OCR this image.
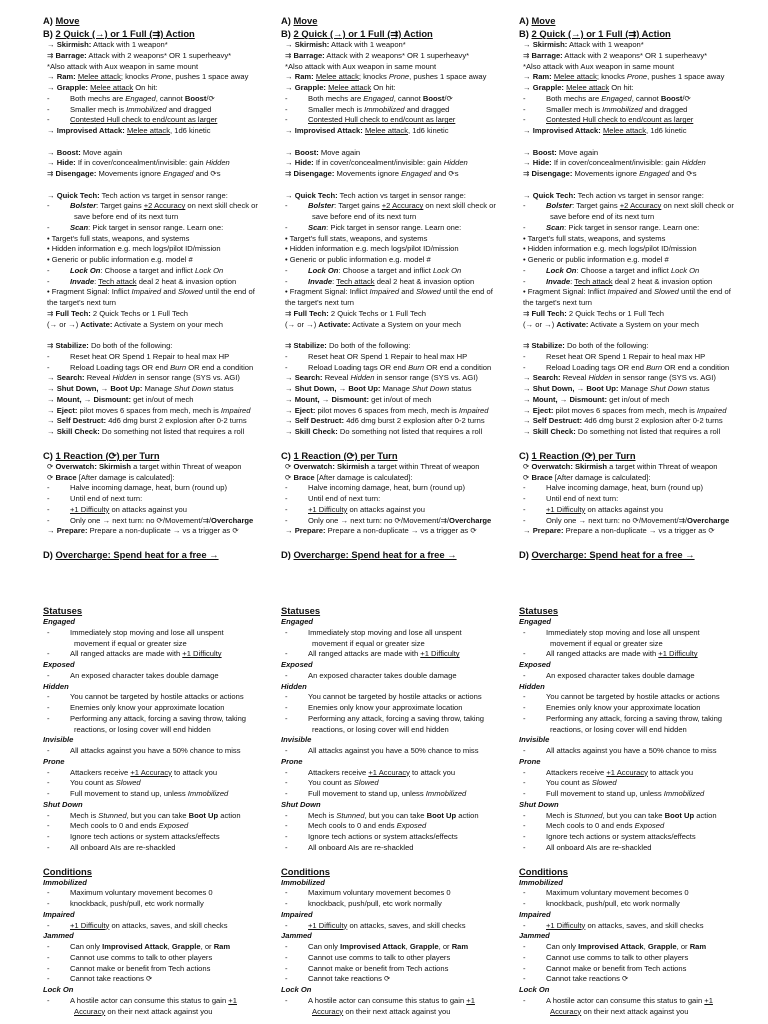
A) Move
B) 2 Quick (→) or 1 Full (⇉) Action
→ Skirmish: Attack with 1 weapon*
⇉ Barrage: Attack with 2 weapons* OR 1 superheavy*
*Also attack with Aux weapon in same mount
→ Ram: Melee attack; knocks Prone, pushes 1 space away
→ Grapple: Melee attack On hit:
-	Both mechs are Engaged, cannot Boost/⟳
-	Smaller mech is Immobilized and dragged
-	Contested Hull check to end/count as larger
→ Improvised Attack: Melee attack, 1d6 kinetic
→ Boost: Move again
→ Hide: If in cover/concealment/invisible: gain Hidden
⇉ Disengage: Movements ignore Engaged and ⟳s
→ Quick Tech: Tech action vs target in sensor range:
-	Bolster: Target gains +2 Accuracy on next skill check or
save before end of its next turn
-	Scan: Pick target in sensor range. Learn one:
• Target's full stats, weapons, and systems
• Hidden information e.g. mech logs/pilot ID/mission
• Generic or public information e.g. model #
-	Lock On: Choose a target and inflict Lock On
-	Invade: Tech attack deal 2 heat & invasion option
• Fragment Signal: Inflict Impaired and Slowed until the end of
the target's next turn
⇉ Full Tech: 2 Quick Techs or 1 Full Tech
(→ or →) Activate: Activate a System on your mech
⇉ Stabilize: Do both of the following:
-	Reset heat OR Spend 1 Repair to heal max HP
-	Reload Loading tags OR end Burn OR end a condition
→ Search: Reveal Hidden in sensor range (SYS vs. AGI)
→ Shut Down, → Boot Up: Manage Shut Down status
→ Mount, → Dismount: get in/out of mech
→ Eject: pilot moves 6 spaces from mech, mech is Impaired
→ Self Destruct: 4d6 dmg burst 2 explosion after 0-2 turns
→ Skill Check: Do something not listed that requires a roll
C) 1 Reaction (⟳) per Turn
⟳ Overwatch: Skirmish a target within Threat of weapon
⟳ Brace [After damage is calculated]:
-	Halve incoming damage, heat, burn (round up)
-	Until end of next turn:
-	+1 Difficulty on attacks against you
-	Only one → next turn: no ⟳/Movement/⇉/Overcharge
→ Prepare: Prepare a non-duplicate → vs a trigger as ⟳
D) Overcharge: Spend heat for a free →
Statuses
Engaged
-	Immediately stop moving and lose all unspent
movement if equal or greater size
-	All ranged attacks are made with +1 Difficulty
Exposed
-	An exposed character takes double damage
Hidden
-	You cannot be targeted by hostile attacks or actions
-	Enemies only know your approximate location
-	Performing any attack, forcing a saving throw, taking
reactions, or losing cover will end hidden
Invisible
-	All attacks against you have a 50% chance to miss
Prone
-	Attackers receive +1 Accuracy to attack you
-	You count as Slowed
-	Full movement to stand up, unless Immobilized
Shut Down
-	Mech is Stunned, but you can take Boot Up action
-	Mech cools to 0 and ends Exposed
-	Ignore tech actions or system attacks/effects
-	All onboard AIs are re-shackled
Conditions
Immobilized
-	Maximum voluntary movement becomes 0
-	knockback, push/pull, etc work normally
Impaired
-	+1 Difficulty on attacks, saves, and skill checks
Jammed
-	Can only Improvised Attack, Grapple, or Ram
-	Cannot use comms to talk to other players
-	Cannot make or benefit from Tech actions
-	Cannot take reactions ⟳
Lock On
-	A hostile actor can consume this status to gain +1
Accuracy on their next attack against you
A) Move
B) 2 Quick (→) or 1 Full (⇉) Action
→ Skirmish: Attack with 1 weapon*
⇉ Barrage: Attack with 2 weapons* OR 1 superheavy*
*Also attack with Aux weapon in same mount
→ Ram: Melee attack; knocks Prone, pushes 1 space away
→ Grapple: Melee attack On hit:
-	Both mechs are Engaged, cannot Boost/⟳
-	Smaller mech is Immobilized and dragged
-	Contested Hull check to end/count as larger
→ Improvised Attack: Melee attack, 1d6 kinetic
→ Boost: Move again
→ Hide: If in cover/concealment/invisible: gain Hidden
⇉ Disengage: Movements ignore Engaged and ⟳s
→ Quick Tech: Tech action vs target in sensor range:
-	Bolster: Target gains +2 Accuracy on next skill check or
save before end of its next turn
-	Scan: Pick target in sensor range. Learn one:
• Target's full stats, weapons, and systems
• Hidden information e.g. mech logs/pilot ID/mission
• Generic or public information e.g. model #
-	Lock On: Choose a target and inflict Lock On
-	Invade: Tech attack deal 2 heat & invasion option
• Fragment Signal: Inflict Impaired and Slowed until the end of
the target's next turn
⇉ Full Tech: 2 Quick Techs or 1 Full Tech
(→ or →) Activate: Activate a System on your mech
⇉ Stabilize: Do both of the following:
-	Reset heat OR Spend 1 Repair to heal max HP
-	Reload Loading tags OR end Burn OR end a condition
→ Search: Reveal Hidden in sensor range (SYS vs. AGI)
→ Shut Down, → Boot Up: Manage Shut Down status
→ Mount, → Dismount: get in/out of mech
→ Eject: pilot moves 6 spaces from mech, mech is Impaired
→ Self Destruct: 4d6 dmg burst 2 explosion after 0-2 turns
→ Skill Check: Do something not listed that requires a roll
C) 1 Reaction (⟳) per Turn
⟳ Overwatch: Skirmish a target within Threat of weapon
⟳ Brace [After damage is calculated]:
-	Halve incoming damage, heat, burn (round up)
-	Until end of next turn:
-	+1 Difficulty on attacks against you
-	Only one → next turn: no ⟳/Movement/⇉/Overcharge
→ Prepare: Prepare a non-duplicate → vs a trigger as ⟳
D) Overcharge: Spend heat for a free →
Statuses
Engaged
-	Immediately stop moving and lose all unspent
movement if equal or greater size
-	All ranged attacks are made with +1 Difficulty
Exposed
-	An exposed character takes double damage
Hidden
-	You cannot be targeted by hostile attacks or actions
-	Enemies only know your approximate location
-	Performing any attack, forcing a saving throw, taking
reactions, or losing cover will end hidden
Invisible
-	All attacks against you have a 50% chance to miss
Prone
-	Attackers receive +1 Accuracy to attack you
-	You count as Slowed
-	Full movement to stand up, unless Immobilized
Shut Down
-	Mech is Stunned, but you can take Boot Up action
-	Mech cools to 0 and ends Exposed
-	Ignore tech actions or system attacks/effects
-	All onboard AIs are re-shackled
Conditions
Immobilized
-	Maximum voluntary movement becomes 0
-	knockback, push/pull, etc work normally
Impaired
-	+1 Difficulty on attacks, saves, and skill checks
Jammed
-	Can only Improvised Attack, Grapple, or Ram
-	Cannot use comms to talk to other players
-	Cannot make or benefit from Tech actions
-	Cannot take reactions ⟳
Lock On
-	A hostile actor can consume this status to gain +1
Accuracy on their next attack against you
A) Move
B) 2 Quick (→) or 1 Full (⇉) Action
→ Skirmish: Attack with 1 weapon*
⇉ Barrage: Attack with 2 weapons* OR 1 superheavy*
*Also attack with Aux weapon in same mount
→ Ram: Melee attack; knocks Prone, pushes 1 space away
→ Grapple: Melee attack On hit:
-	Both mechs are Engaged, cannot Boost/⟳
-	Smaller mech is Immobilized and dragged
-	Contested Hull check to end/count as larger
→ Improvised Attack: Melee attack, 1d6 kinetic
→ Boost: Move again
→ Hide: If in cover/concealment/invisible: gain Hidden
⇉ Disengage: Movements ignore Engaged and ⟳s
→ Quick Tech: Tech action vs target in sensor range:
-	Bolster: Target gains +2 Accuracy on next skill check or
save before end of its next turn
-	Scan: Pick target in sensor range. Learn one:
• Target's full stats, weapons, and systems
• Hidden information e.g. mech logs/pilot ID/mission
• Generic or public information e.g. model #
-	Lock On: Choose a target and inflict Lock On
-	Invade: Tech attack deal 2 heat & invasion option
• Fragment Signal: Inflict Impaired and Slowed until the end of
the target's next turn
⇉ Full Tech: 2 Quick Techs or 1 Full Tech
(→ or →) Activate: Activate a System on your mech
⇉ Stabilize: Do both of the following:
-	Reset heat OR Spend 1 Repair to heal max HP
-	Reload Loading tags OR end Burn OR end a condition
→ Search: Reveal Hidden in sensor range (SYS vs. AGI)
→ Shut Down, → Boot Up: Manage Shut Down status
→ Mount, → Dismount: get in/out of mech
→ Eject: pilot moves 6 spaces from mech, mech is Impaired
→ Self Destruct: 4d6 dmg burst 2 explosion after 0-2 turns
→ Skill Check: Do something not listed that requires a roll
C) 1 Reaction (⟳) per Turn
⟳ Overwatch: Skirmish a target within Threat of weapon
⟳ Brace [After damage is calculated]:
-	Halve incoming damage, heat, burn (round up)
-	Until end of next turn:
-	+1 Difficulty on attacks against you
-	Only one → next turn: no ⟳/Movement/⇉/Overcharge
→ Prepare: Prepare a non-duplicate → vs a trigger as ⟳
D) Overcharge: Spend heat for a free →
Statuses
Engaged
-	Immediately stop moving and lose all unspent
movement if equal or greater size
-	All ranged attacks are made with +1 Difficulty
Exposed
-	An exposed character takes double damage
Hidden
-	You cannot be targeted by hostile attacks or actions
-	Enemies only know your approximate location
-	Performing any attack, forcing a saving throw, taking
reactions, or losing cover will end hidden
Invisible
-	All attacks against you have a 50% chance to miss
Prone
-	Attackers receive +1 Accuracy to attack you
-	You count as Slowed
-	Full movement to stand up, unless Immobilized
Shut Down
-	Mech is Stunned, but you can take Boot Up action
-	Mech cools to 0 and ends Exposed
-	Ignore tech actions or system attacks/effects
-	All onboard AIs are re-shackled
Conditions
Immobilized
-	Maximum voluntary movement becomes 0
-	knockback, push/pull, etc work normally
Impaired
-	+1 Difficulty on attacks, saves, and skill checks
Jammed
-	Can only Improvised Attack, Grapple, or Ram
-	Cannot use comms to talk to other players
-	Cannot make or benefit from Tech actions
-	Cannot take reactions ⟳
Lock On
-	A hostile actor can consume this status to gain +1
Accuracy on their next attack against you
